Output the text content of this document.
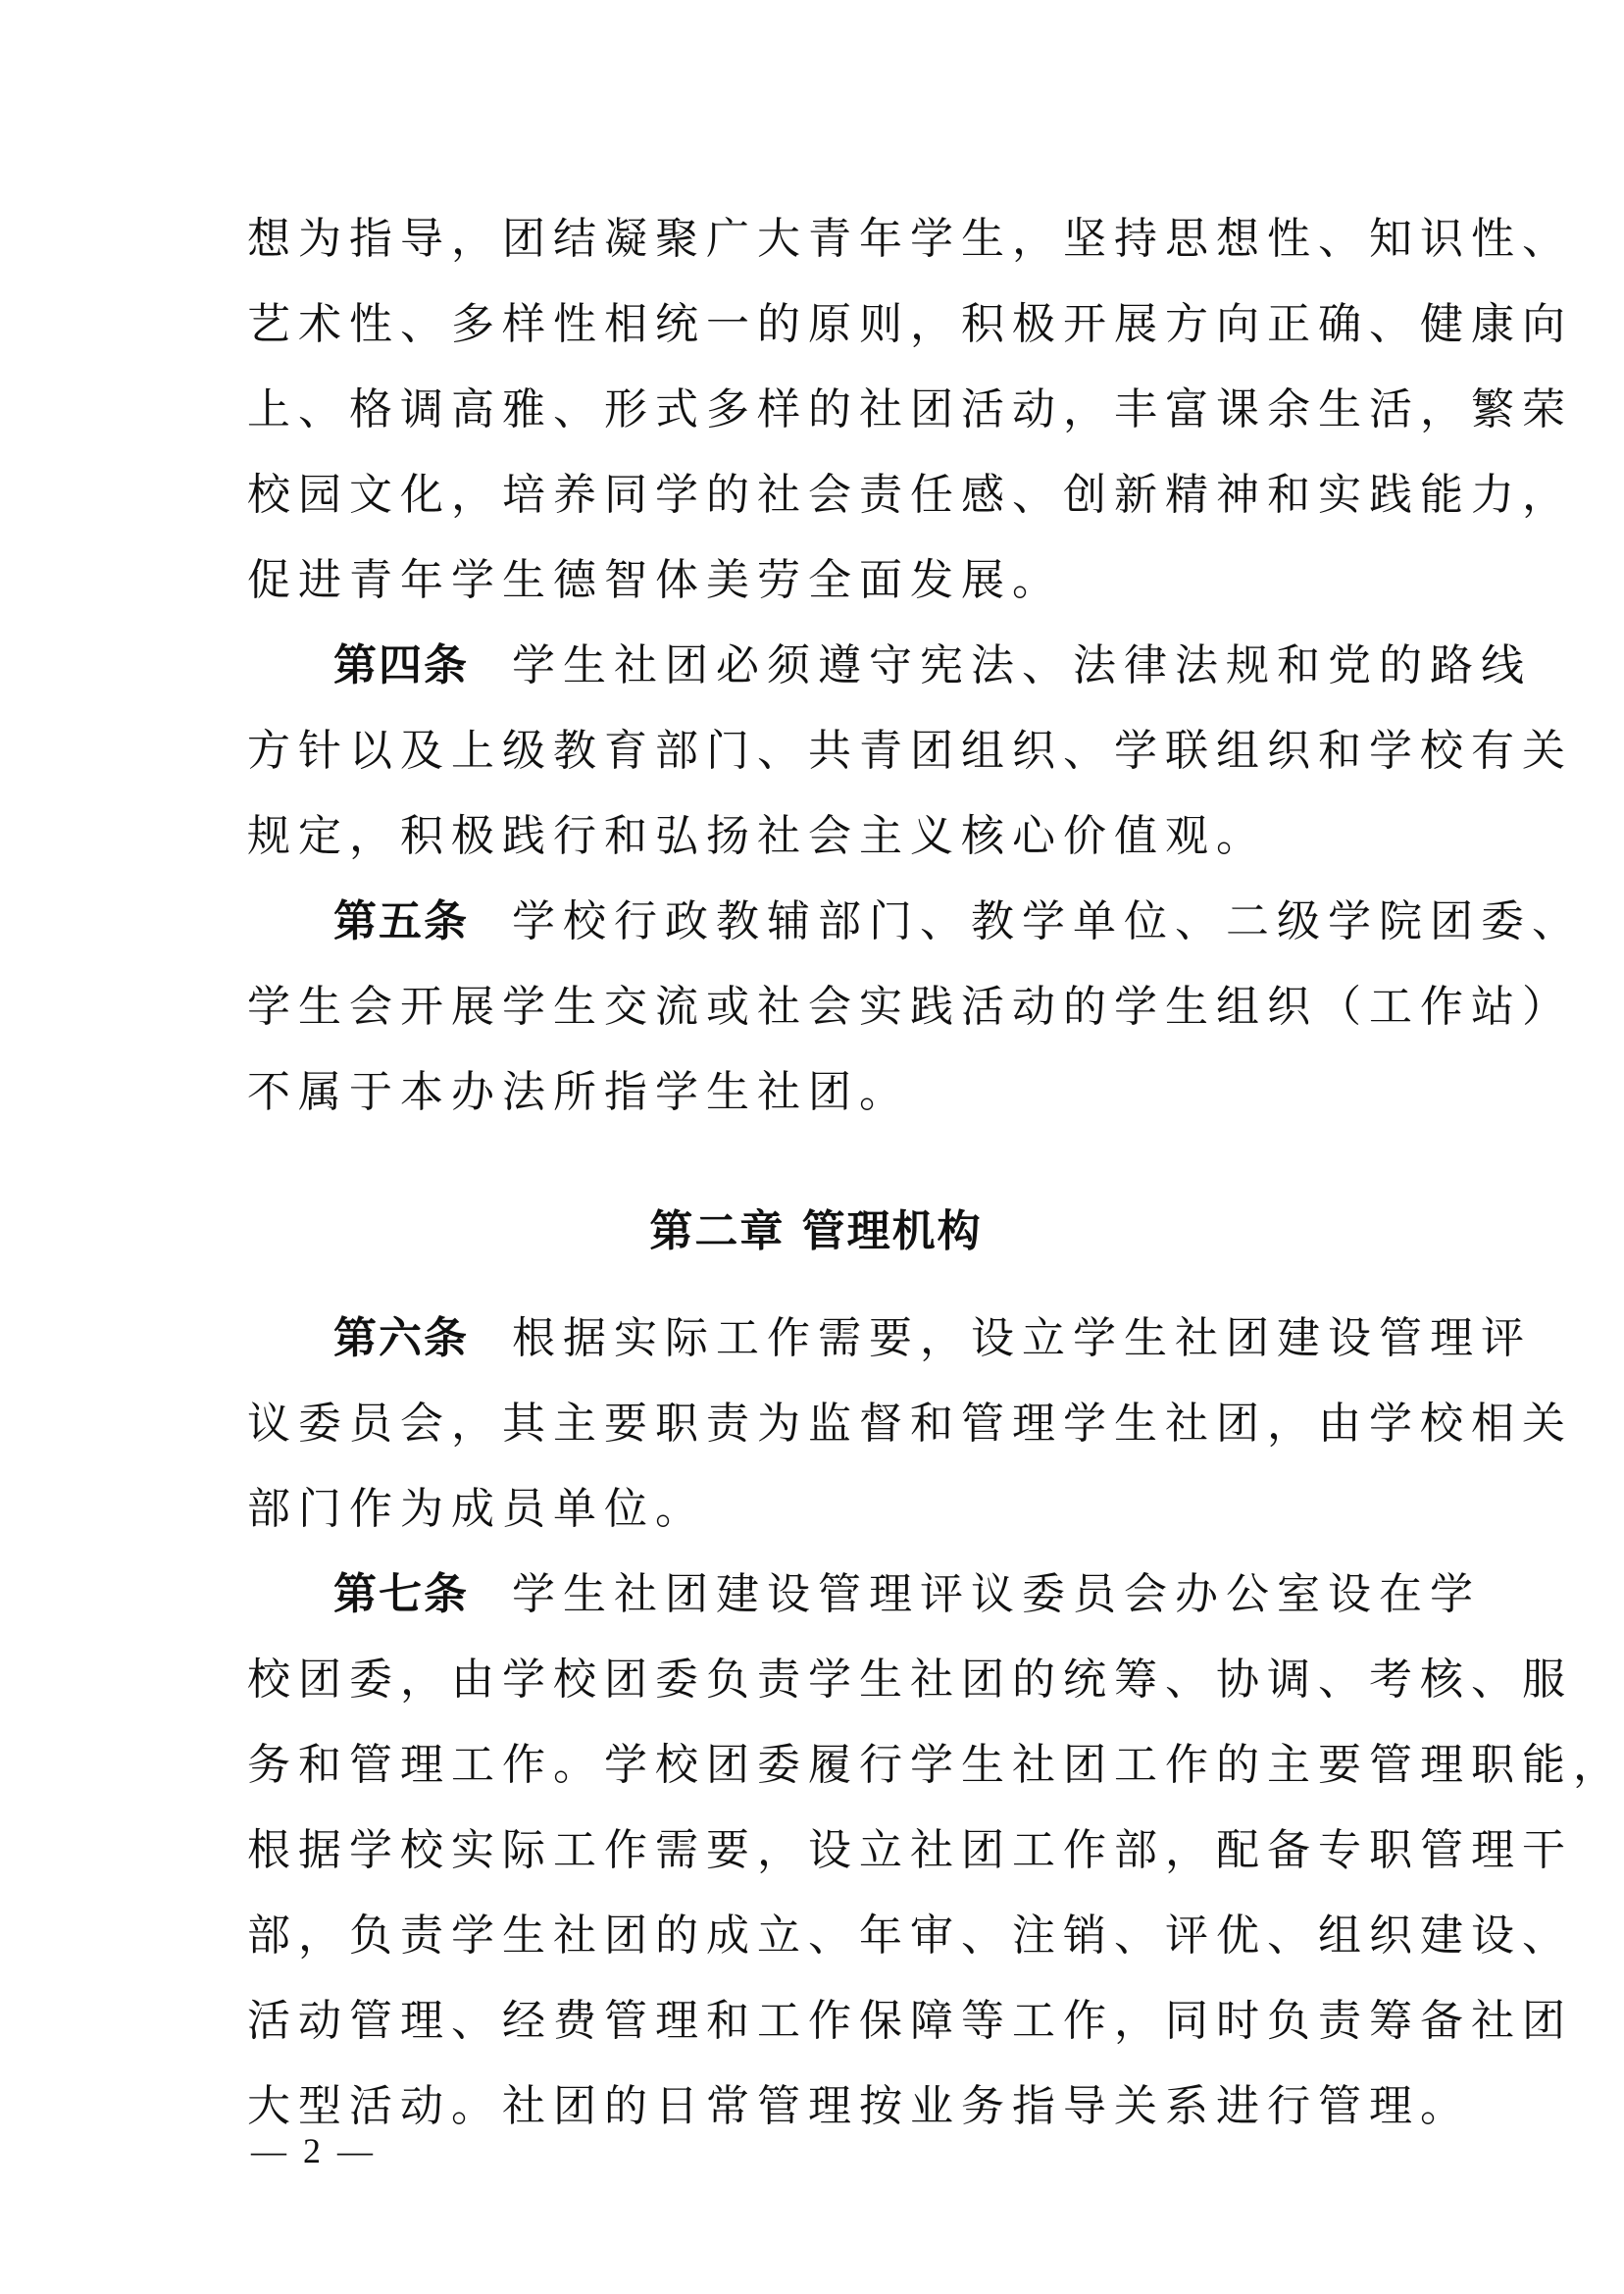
想为指导，团结凝聚广大青年学生，坚持思想性、知识性、
艺术性、多样性相统一的原则，积极开展方向正确、健康向
上、格调高雅、形式多样的社团活动，丰富课余生活，繁荣
校园文化，培养同学的社会责任感、创新精神和实践能力，
促进青年学生德智体美劳全面发展。
第四条 学生社团必须遵守宪法、法律法规和党的路线
方针以及上级教育部门、共青团组织、学联组织和学校有关
规定，积极践行和弘扬社会主义核心价值观。
第五条 学校行政教辅部门、教学单位、二级学院团委、
学生会开展学生交流或社会实践活动的学生组织（工作站）
不属于本办法所指学生社团。
第二章 管理机构
第六条 根据实际工作需要，设立学生社团建设管理评
议委员会，其主要职责为监督和管理学生社团，由学校相关
部门作为成员单位。
第七条 学生社团建设管理评议委员会办公室设在学
校团委，由学校团委负责学生社团的统筹、协调、考核、服
务和管理工作。学校团委履行学生社团工作的主要管理职能，
根据学校实际工作需要，设立社团工作部，配备专职管理干
部，负责学生社团的成立、年审、注销、评优、组织建设、
活动管理、经费管理和工作保障等工作，同时负责筹备社团
大型活动。社团的日常管理按业务指导关系进行管理。
— 2 —
